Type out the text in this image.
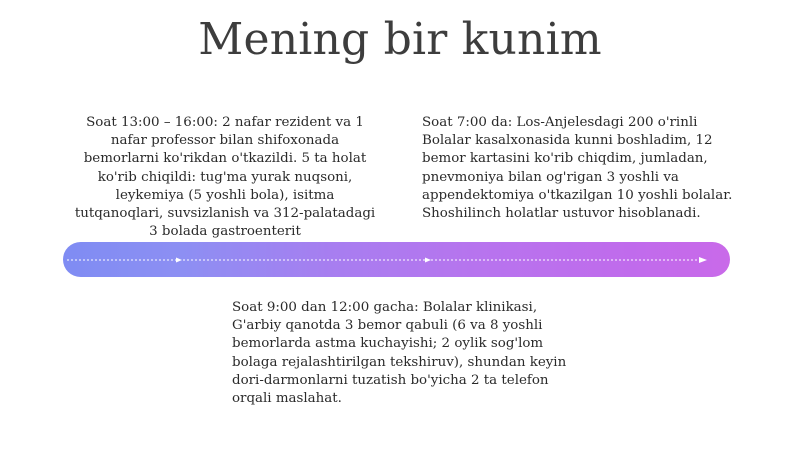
Mening bir kunim
Soat 13:00 – 16:00: 2 nafar rezident va 1 nafar professor bilan shifoxonada bemorlarni ko'rikdan o'tkazildi. 5 ta holat ko'rib chiqildi: tug'ma yurak nuqsoni, leykemiya (5 yoshli bola), isitma tutqanoqlari, suvsizlanish va 312-palatadagi 3 bolada gastroenterit
Soat 7:00 da: Los-Anjelesdagi 200 o'rinli Bolalar kasalxonasida kunni boshladim, 12 bemor kartasini ko'rib chiqdim, jumladan, pnevmoniya bilan og'rigan 3 yoshli va appendektomiya o'tkazilgan 10 yoshli bolalar. Shoshilinch holatlar ustuvor hisoblanadi.
Soat 9:00 dan 12:00 gacha: Bolalar klinikasi, G'arbiy qanotda 3 bemor qabuli (6 va 8 yoshli bemorlarda astma kuchayishi; 2 oylik sog'lom bolaga rejalashtirilgan tekshiruv), shundan keyin dori-darmonlarni tuzatish bo'yicha 2 ta telefon orqali maslahat.
